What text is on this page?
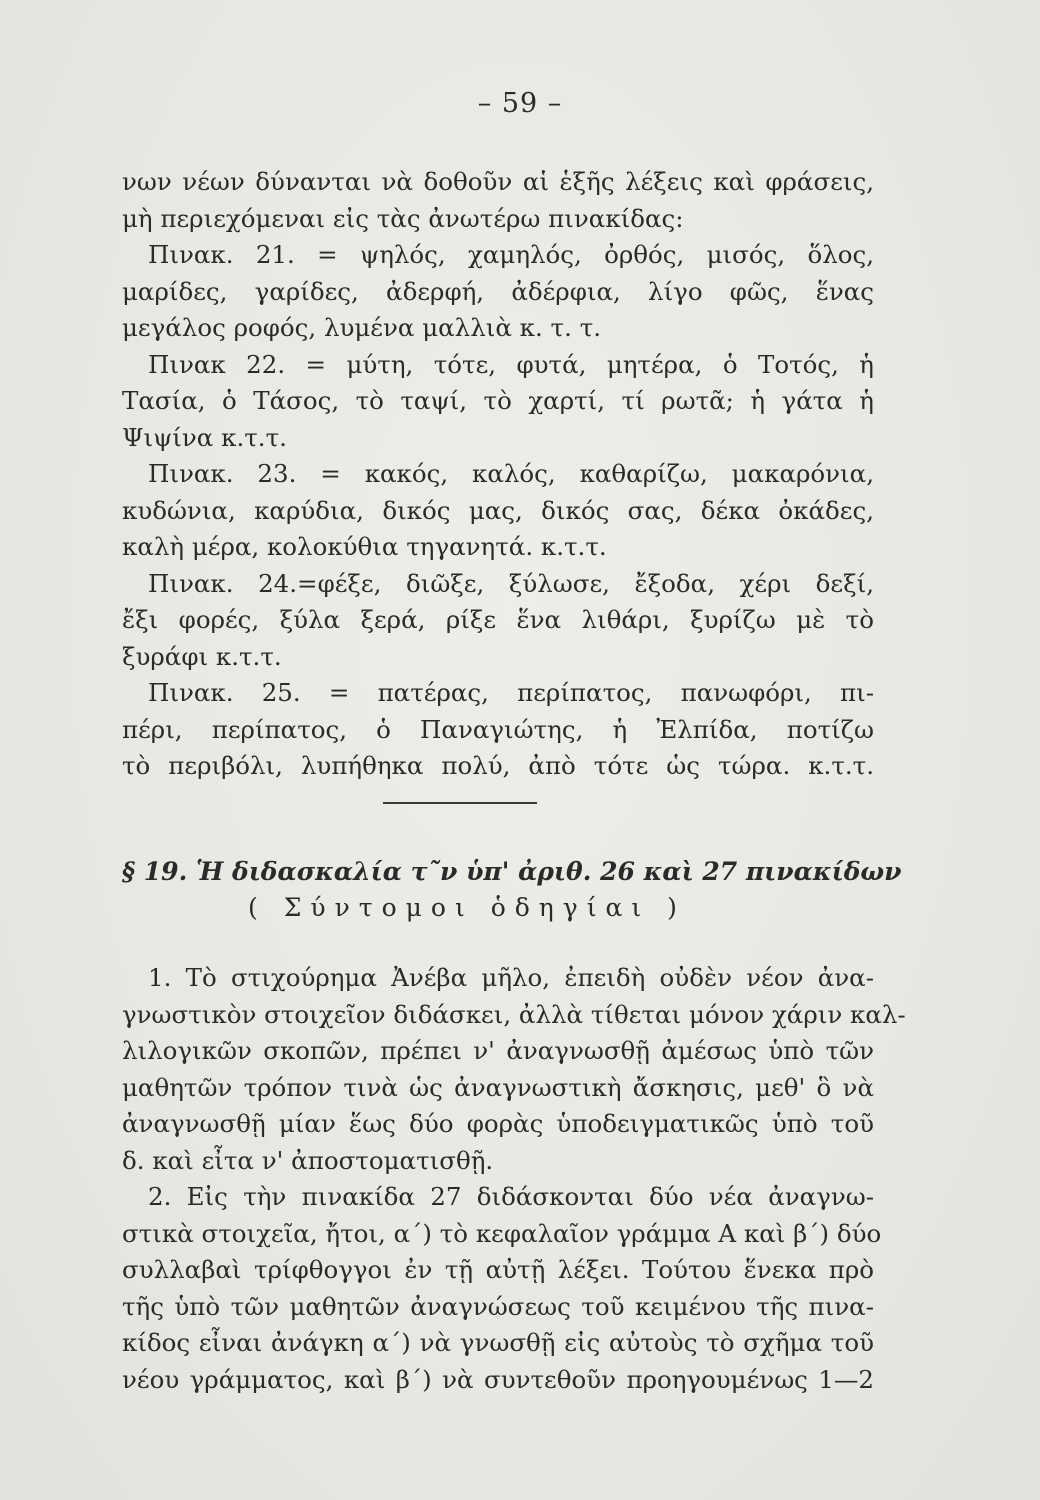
– 59 –
νων νέων δύνανται νὰ δοθοῦν αἱ ἑξῆς λέξεις καὶ φράσεις,
μὴ περιεχόμεναι εἰς τὰς ἀνωτέρω πινακίδας:
Πινακ. 21. = ψηλός, χαμηλός, ὀρθός, μισός, ὅλος,
μαρίδες, γαρίδες, ἀδερφή, ἀδέρφια, λίγο φῶς, ἕνας
μεγάλος ροφός, λυμένα μαλλιὰ κ. τ. τ.
Πινακ 22. = μύτη, τότε, φυτά, μητέρα, ὁ Τοτός, ἡ
Τασία, ὁ Τάσος, τὸ ταψί, τὸ χαρτί, τί ρωτᾶ; ἡ γάτα ἡ
Ψιψίνα κ.τ.τ.
Πινακ. 23. = κακός, καλός, καθαρίζω, μακαρόνια,
κυδώνια, καρύδια, δικός μας, δικός σας, δέκα ὀκάδες,
καλὴ μέρα, κολοκύθια τηγανητά. κ.τ.τ.
Πινακ. 24.=φέξε, διῶξε, ξύλωσε, ἔξοδα, χέρι δεξί,
ἔξι φορές, ξύλα ξερά, ρίξε ἕνα λιθάρι, ξυρίζω μὲ τὸ
ξυράφι κ.τ.τ.
Πινακ. 25. = πατέρας, περίπατος, πανωφόρι, πι-
πέρι, περίπατος, ὁ Παναγιώτης, ἡ Ἐλπίδα, ποτίζω
τὸ περιβόλι, λυπήθηκα πολύ, ἀπὸ τότε ὡς τώρα. κ.τ.τ.
§ 19. Ἡ διδασκαλία τ῀ν ὑπ' ἀριθ. 26 καὶ 27 πινακίδων
( Σύντομοι ὁδηγίαι )
1. Τὸ στιχούρημα Ἀνέβα μῆλο, ἐπειδὴ οὐδὲν νέον ἀνα-
γνωστικὸν στοιχεῖον διδάσκει, ἀλλὰ τίθεται μόνον χάριν καλ-
λιλογικῶν σκοπῶν, πρέπει ν' ἀναγνωσθῇ ἀμέσως ὑπὸ τῶν
μαθητῶν τρόπον τινὰ ὡς ἀναγνωστικὴ ἄσκησις, μεθ' ὃ νὰ
ἀναγνωσθῇ μίαν ἕως δύο φορὰς ὑποδειγματικῶς ὑπὸ τοῦ
δ. καὶ εἶτα ν' ἀποστοματισθῇ.
2. Εἰς τὴν πινακίδα 27 διδάσκονται δύο νέα ἀναγνω-
στικὰ στοιχεῖα, ἤτοι, α΄) τὸ κεφαλαῖον γράμμα Α καὶ β΄) δύο
συλλαβαὶ τρίφθογγοι ἐν τῇ αὐτῇ λέξει. Τούτου ἕνεκα πρὸ
τῆς ὑπὸ τῶν μαθητῶν ἀναγνώσεως τοῦ κειμένου τῆς πινα-
κίδος εἶναι ἀνάγκη α΄) νὰ γνωσθῇ εἰς αὐτοὺς τὸ σχῆμα τοῦ
νέου γράμματος, καὶ β΄) νὰ συντεθοῦν προηγουμένως 1—2
